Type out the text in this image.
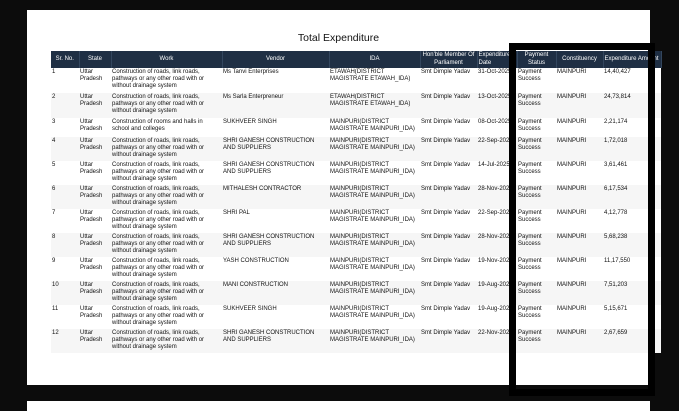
Total Expenditure
Sr. No.	State	Work	Vendor	IDA	Hon'ble Member Of Parliament	Expenditure Date	Payment Status	Constituency	Expenditure Amount
1	Uttar Pradesh	Construction of roads, link roads, pathways or any other road with or without drainage system	Ms Tanvi Enterprises	ETAWAH(DISTRICT MAGISTRATE ETAWAH_IDA)	Smt Dimple Yadav	31-Oct-2025	Payment Success	MAINPURI	14,40,427
2	Uttar Pradesh	Construction of roads, link roads, pathways or any other road with or without drainage system	Ms Sarla Enterpreneur	ETAWAH(DISTRICT MAGISTRATE ETAWAH_IDA)	Smt Dimple Yadav	13-Oct-2025	Payment Success	MAINPURI	24,73,814
3	Uttar Pradesh	Construction of rooms and halls in school and colleges	SUKHVEER SINGH	MAINPURI(DISTRICT MAGISTRATE MAINPURI_IDA)	Smt Dimple Yadav	08-Oct-2025	Payment Success	MAINPURI	2,21,174
4	Uttar Pradesh	Construction of roads, link roads, pathways or any other road with or without drainage system	SHRI GANESH CONSTRUCTION AND SUPPLIERS	MAINPURI(DISTRICT MAGISTRATE MAINPURI_IDA)	Smt Dimple Yadav	22-Sep-2025	Payment Success	MAINPURI	1,72,018
5	Uttar Pradesh	Construction of roads, link roads, pathways or any other road with or without drainage system	SHRI GANESH CONSTRUCTION AND SUPPLIERS	MAINPURI(DISTRICT MAGISTRATE MAINPURI_IDA)	Smt Dimple Yadav	14-Jul-2025	Payment Success	MAINPURI	3,61,461
6	Uttar Pradesh	Construction of roads, link roads, pathways or any other road with or without drainage system	MITHALESH CONTRACTOR	MAINPURI(DISTRICT MAGISTRATE MAINPURI_IDA)	Smt Dimple Yadav	28-Nov-2025	Payment Success	MAINPURI	6,17,534
7	Uttar Pradesh	Construction of roads, link roads, pathways or any other road with or without drainage system	SHRI PAL	MAINPURI(DISTRICT MAGISTRATE MAINPURI_IDA)	Smt Dimple Yadav	22-Sep-2025	Payment Success	MAINPURI	4,12,778
8	Uttar Pradesh	Construction of roads, link roads, pathways or any other road with or without drainage system	SHRI GANESH CONSTRUCTION AND SUPPLIERS	MAINPURI(DISTRICT MAGISTRATE MAINPURI_IDA)	Smt Dimple Yadav	28-Nov-2025	Payment Success	MAINPURI	5,68,238
9	Uttar Pradesh	Construction of roads, link roads, pathways or any other road with or without drainage system	YASH CONSTRUCTION	MAINPURI(DISTRICT MAGISTRATE MAINPURI_IDA)	Smt Dimple Yadav	19-Nov-2025	Payment Success	MAINPURI	11,17,550
10	Uttar Pradesh	Construction of roads, link roads, pathways or any other road with or without drainage system	MANI CONSTRUCTION	MAINPURI(DISTRICT MAGISTRATE MAINPURI_IDA)	Smt Dimple Yadav	19-Aug-2025	Payment Success	MAINPURI	7,51,203
11	Uttar Pradesh	Construction of roads, link roads, pathways or any other road with or without drainage system	SUKHVEER SINGH	MAINPURI(DISTRICT MAGISTRATE MAINPURI_IDA)	Smt Dimple Yadav	19-Aug-2025	Payment Success	MAINPURI	5,15,671
12	Uttar Pradesh	Construction of roads, link roads, pathways or any other road with or without drainage system	SHRI GANESH CONSTRUCTION AND SUPPLIERS	MAINPURI(DISTRICT MAGISTRATE MAINPURI_IDA)	Smt Dimple Yadav	22-Nov-2025	Payment Success	MAINPURI	2,67,659
